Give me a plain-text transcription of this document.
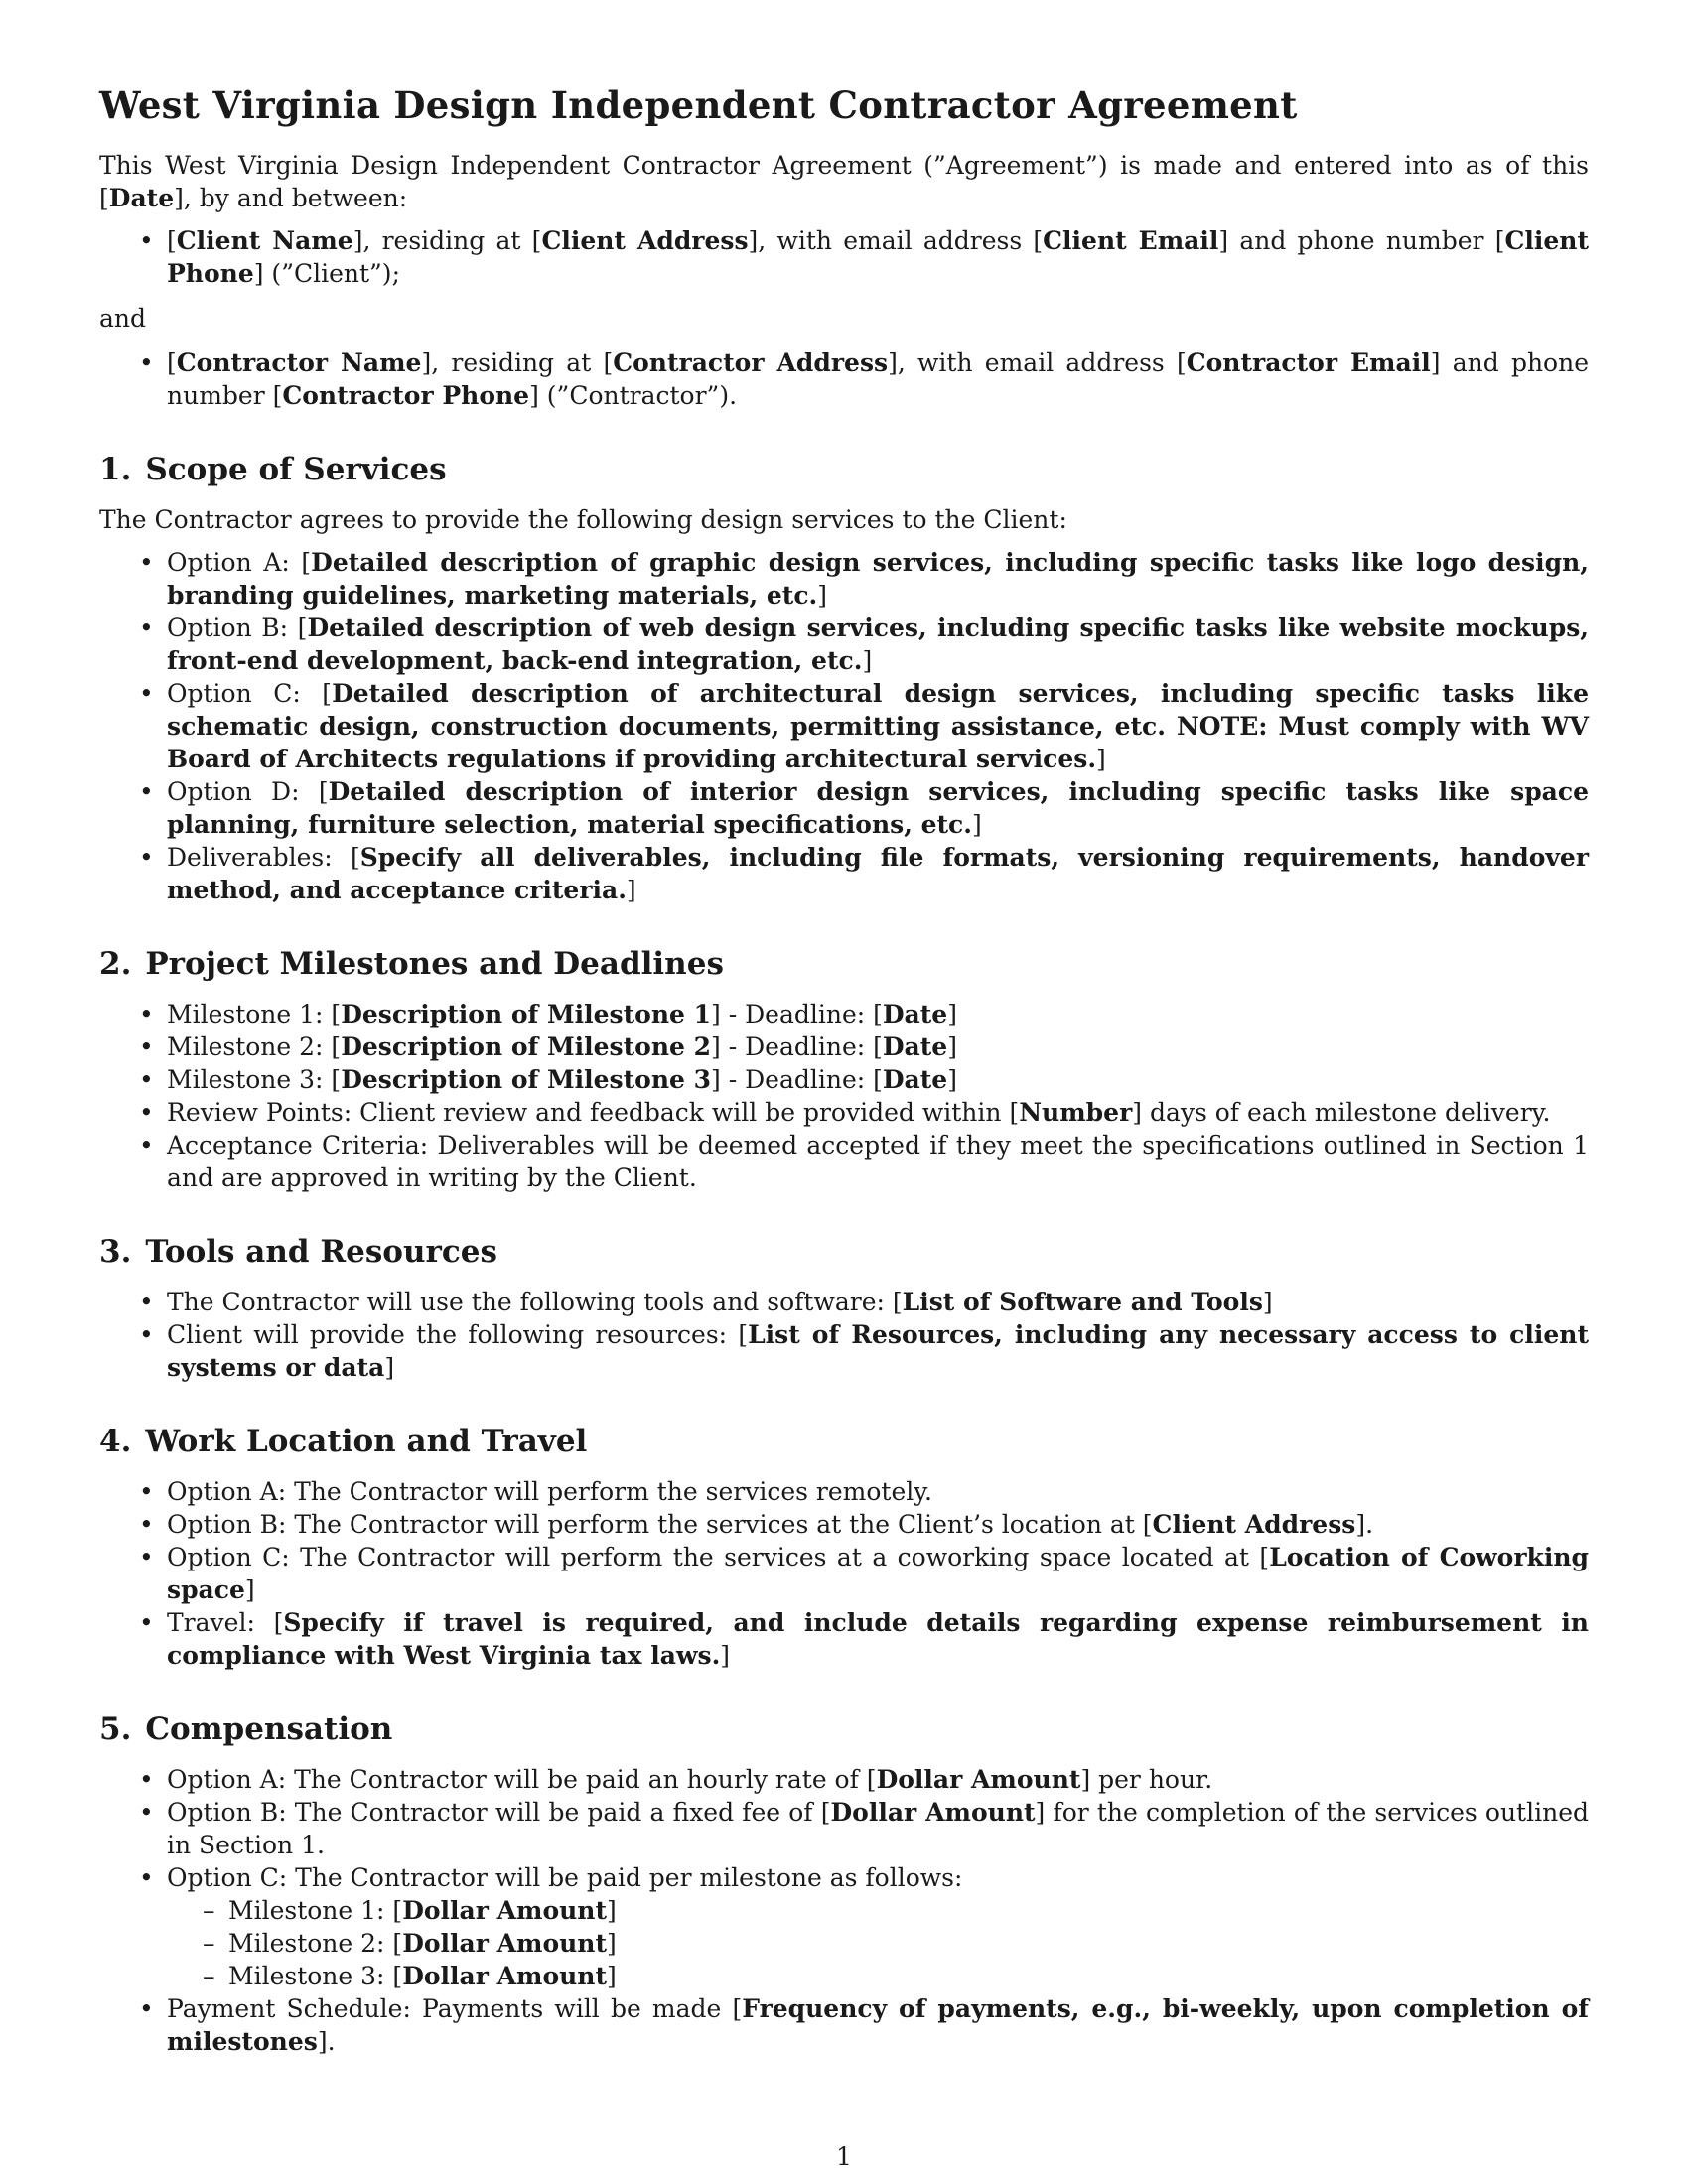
West Virginia Design Independent Contractor Agreement

This West Virginia Design Independent Contractor Agreement (”Agreement”) is made and entered into as of this [Date], by and between:

• [Client Name], residing at [Client Address], with email address [Client Email] and phone number [Client Phone] (”Client”);

and

• [Contractor Name], residing at [Contractor Address], with email address [Contractor Email] and phone number [Contractor Phone] (”Contractor”).
1. Scope of Services

The Contractor agrees to provide the following design services to the Client:

• Option A: [Detailed description of graphic design services, including specific tasks like logo design, branding guidelines, marketing materials, etc.]
• Option B: [Detailed description of web design services, including specific tasks like website mockups, front-end development, back-end integration, etc.]
• Option C: [Detailed description of architectural design services, including specific tasks like schematic design, construction documents, permitting assistance, etc. NOTE: Must comply with WV Board of Architects regulations if providing architectural services.]
• Option D: [Detailed description of interior design services, including specific tasks like space planning, furniture selection, material specifications, etc.]
• Deliverables: [Specify all deliverables, including file formats, versioning requirements, handover method, and acceptance criteria.]
2. Project Milestones and Deadlines
• Milestone 1: [Description of Milestone 1] - Deadline: [Date]
• Milestone 2: [Description of Milestone 2] - Deadline: [Date]
• Milestone 3: [Description of Milestone 3] - Deadline: [Date]
• Review Points: Client review and feedback will be provided within [Number] days of each milestone delivery.
• Acceptance Criteria: Deliverables will be deemed accepted if they meet the specifications outlined in Section 1 and are approved in writing by the Client.
3. Tools and Resources
• The Contractor will use the following tools and software: [List of Software and Tools]
• Client will provide the following resources: [List of Resources, including any necessary access to client systems or data]
4. Work Location and Travel
• Option A: The Contractor will perform the services remotely.
• Option B: The Contractor will perform the services at the Client’s location at [Client Address].
• Option C: The Contractor will perform the services at a coworking space located at [Location of Coworking space]
• Travel: [Specify if travel is required, and include details regarding expense reimbursement in compliance with West Virginia tax laws.]
5. Compensation
• Option A: The Contractor will be paid an hourly rate of [Dollar Amount] per hour.
• Option B: The Contractor will be paid a fixed fee of [Dollar Amount] for the completion of the services outlined in Section 1.
• Option C: The Contractor will be paid per milestone as follows:
– Milestone 1: [Dollar Amount]
– Milestone 2: [Dollar Amount]
– Milestone 3: [Dollar Amount]
• Payment Schedule: Payments will be made [Frequency of payments, e.g., bi-weekly, upon completion of milestones].
1
